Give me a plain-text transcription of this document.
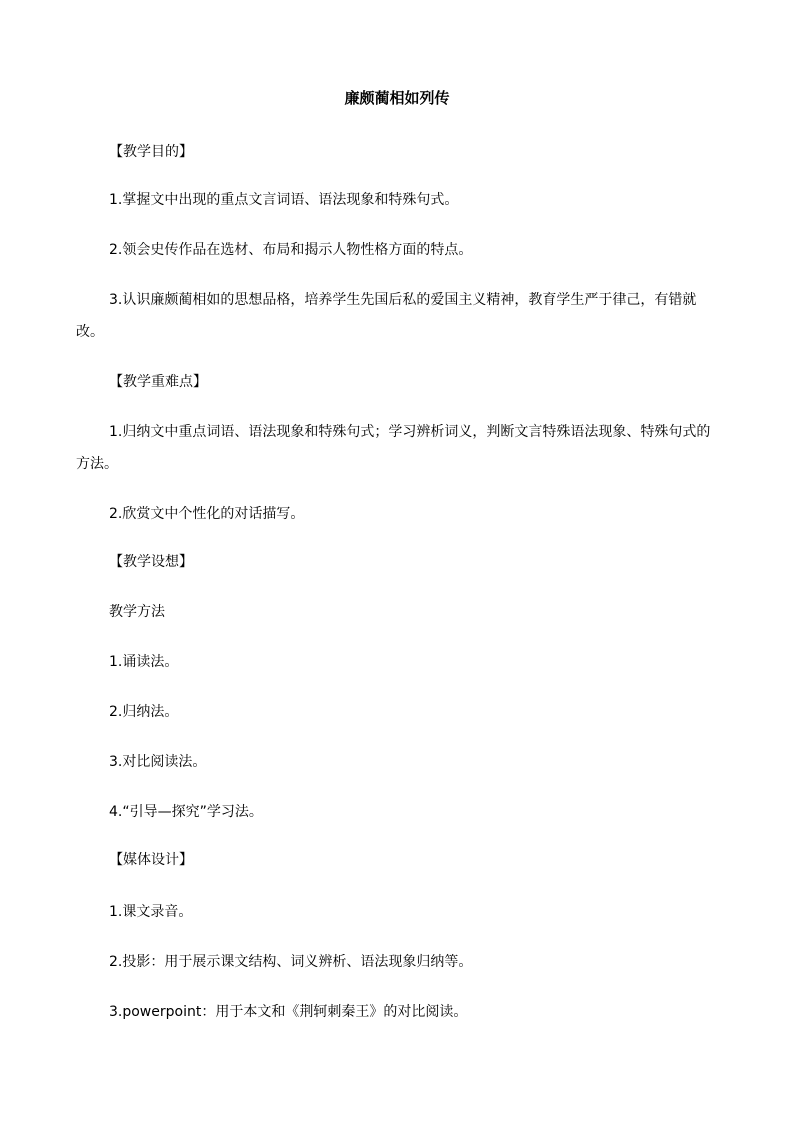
廉颇蔺相如列传
【教学目的】
1.掌握文中出现的重点文言词语、语法现象和特殊句式。
2.领会史传作品在选材、布局和揭示人物性格方面的特点。
3.认识廉颇蔺相如的思想品格，培养学生先国后私的爱国主义精神，教育学生严于律己，有错就改。
【教学重难点】
1.归纳文中重点词语、语法现象和特殊句式；学习辨析词义，判断文言特殊语法现象、特殊句式的方法。
2.欣赏文中个性化的对话描写。
【教学设想】
教学方法
1.诵读法。
2.归纳法。
3.对比阅读法。
4.“引导—探究”学习法。
【媒体设计】
1.课文录音。
2.投影：用于展示课文结构、词义辨析、语法现象归纳等。
3.powerpoint：用于本文和《荆轲刺秦王》的对比阅读。
